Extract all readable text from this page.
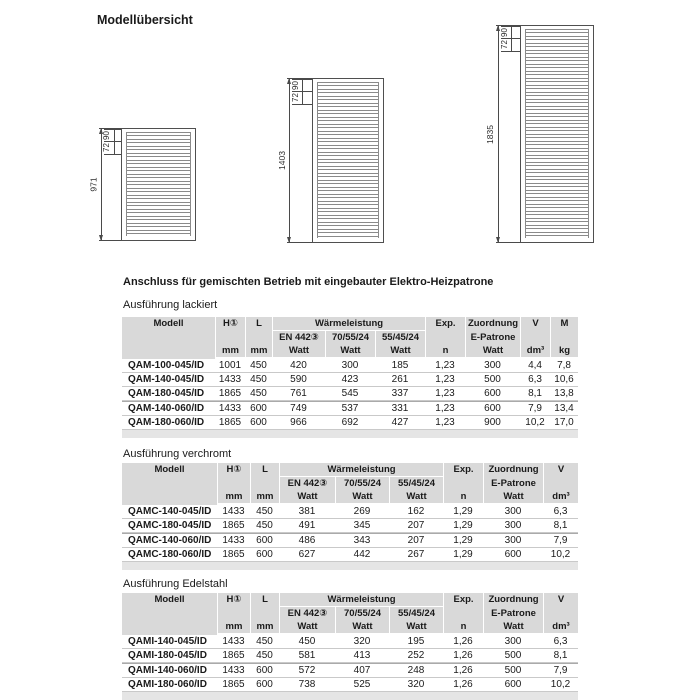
Modellübersicht
971
90
72
1403
90
72
1835
90
72
Anschluss für gemischten Betrieb mit eingebauter Elektro-Heizpatrone
Ausführung lackiert
Modell	H①	L	Wärmeleistung			Exp.	Zuordnung	V	M
			EN 442③	70/55/24	55/45/24		E-Patrone		
	mm	mm	Watt	Watt	Watt	n	Watt	dm³	kg
QAM-100-045/ID	1001	450	420	300	185	1,23	300	4,4	7,8
QAM-140-045/ID	1433	450	590	423	261	1,23	500	6,3	10,6
QAM-180-045/ID	1865	450	761	545	337	1,23	600	8,1	13,8
QAM-140-060/ID	1433	600	749	537	331	1,23	600	7,9	13,4
QAM-180-060/ID	1865	600	966	692	427	1,23	900	10,2	17,0

Ausführung verchromt
Modell	H①	L	Wärmeleistung			Exp.	Zuordnung	V
			EN 442③	70/55/24	55/45/24		E-Patrone	
	mm	mm	Watt	Watt	Watt	n	Watt	dm³
QAMC-140-045/ID	1433	450	381	269	162	1,29	300	6,3
QAMC-180-045/ID	1865	450	491	345	207	1,29	300	8,1
QAMC-140-060/ID	1433	600	486	343	207	1,29	300	7,9
QAMC-180-060/ID	1865	600	627	442	267	1,29	600	10,2

Ausführung Edelstahl
Modell	H①	L	Wärmeleistung			Exp.	Zuordnung	V
			EN 442③	70/55/24	55/45/24		E-Patrone	
	mm	mm	Watt	Watt	Watt	n	Watt	dm³
QAMI-140-045/ID	1433	450	450	320	195	1,26	300	6,3
QAMI-180-045/ID	1865	450	581	413	252	1,26	500	8,1
QAMI-140-060/ID	1433	600	572	407	248	1,26	500	7,9
QAMI-180-060/ID	1865	600	738	525	320	1,26	600	10,2
